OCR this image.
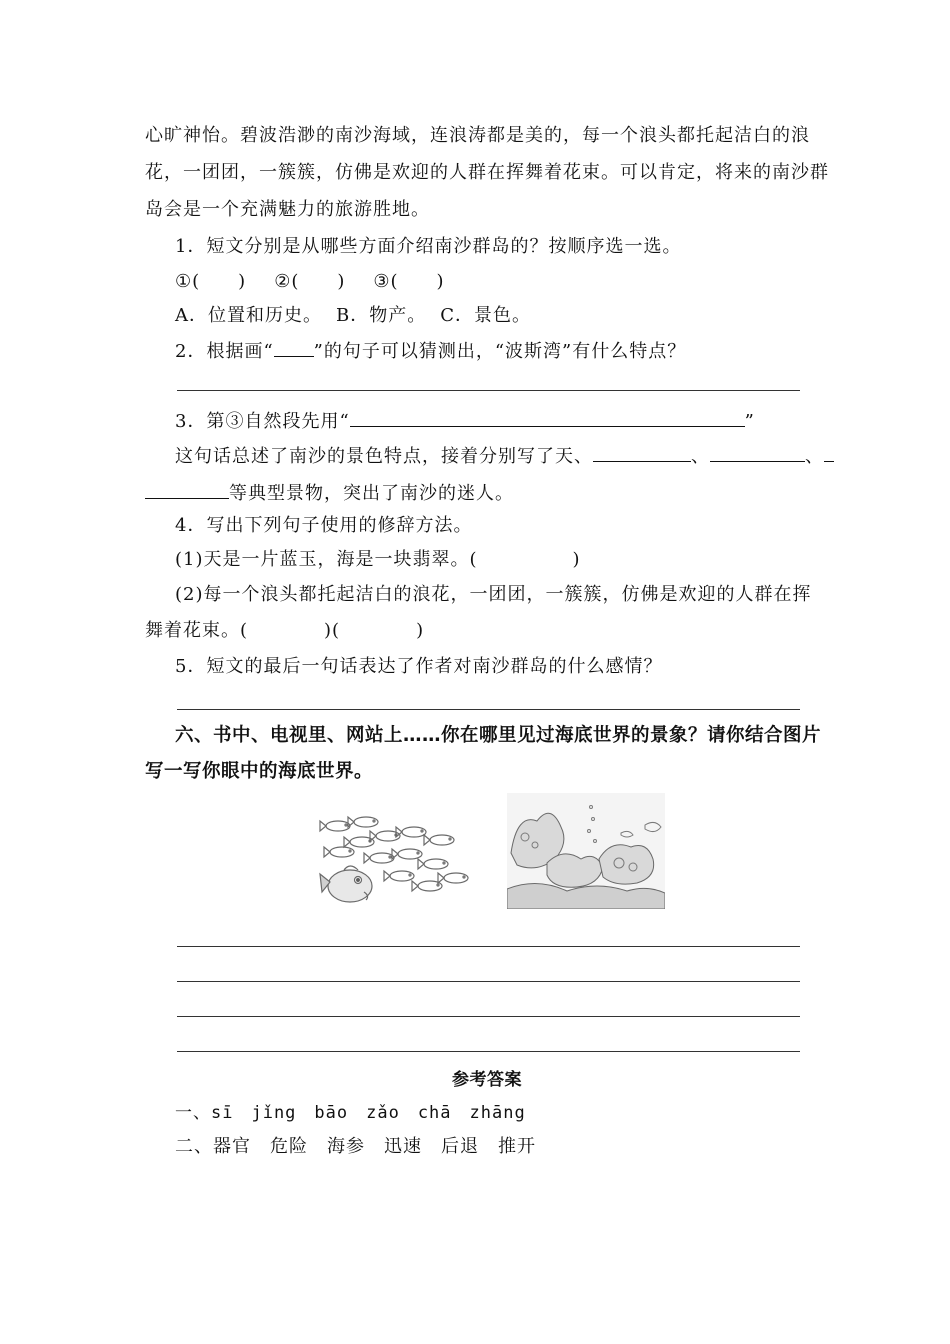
心旷神怡。碧波浩渺的南沙海域，连浪涛都是美的，每一个浪头都托起洁白的浪
花，一团团，一簇簇，仿佛是欢迎的人群在挥舞着花束。可以肯定，将来的南沙群
岛会是一个充满魅力的旅游胜地。
1．短文分别是从哪些方面介绍南沙群岛的？按顺序选一选。
①(　　) ②(　　) ③(　　)
A．位置和历史。 B．物产。 C．景色。
2．根据画“ ”的句子可以猜测出，“波斯湾”有什么特点？
3．第③自然段先用“	”
这句话总述了南沙的景色特点，接着分别写了天、	、	、
等典型景物，突出了南沙的迷人。
4．写出下列句子使用的修辞方法。
(1)天是一片蓝玉，海是一块翡翠。(　　　　　)
(2)每一个浪头都托起洁白的浪花，一团团，一簇簇，仿佛是欢迎的人群在挥
舞着花束。(　　　　)(　　　　)
5．短文的最后一句话表达了作者对南沙群岛的什么感情？
六、书中、电视里、网站上……你在哪里见过海底世界的景象？请你结合图片
写一写你眼中的海底世界。
参考答案
一、sī　jǐng　bāo　zǎo　chā　zhāng
二、器官　危险　海参　迅速　后退　推开
